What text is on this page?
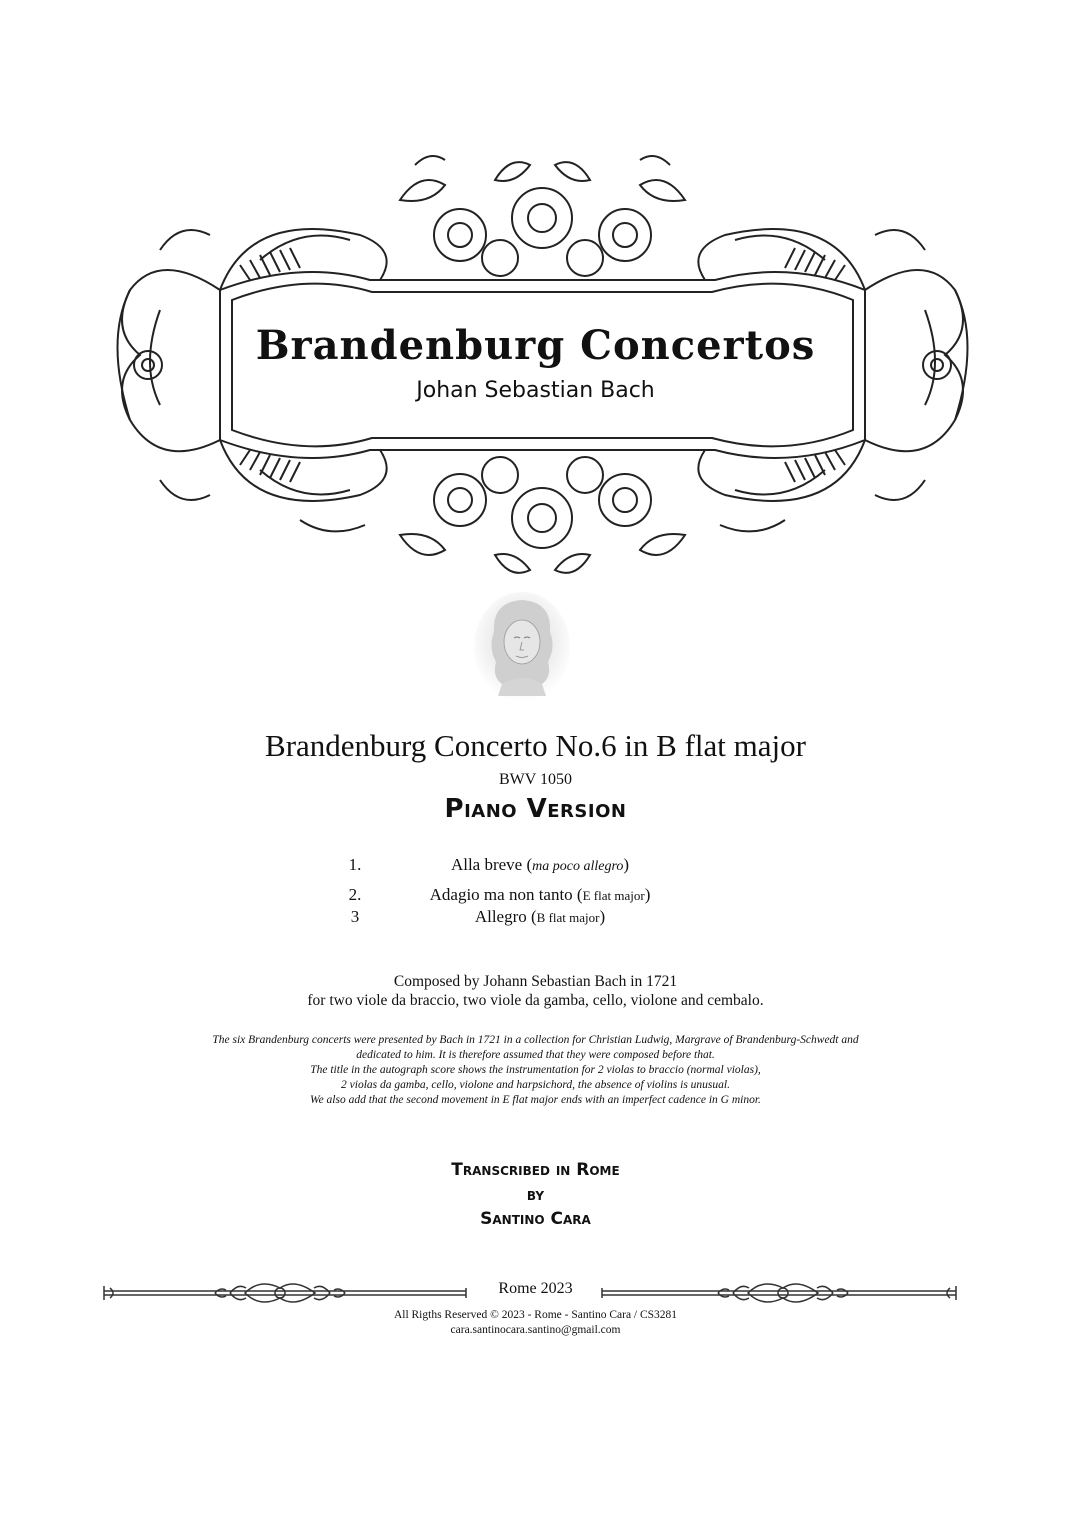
Brandenburg Concertos
Johan Sebastian Bach
Brandenburg Concerto No.6 in B flat major
BWV 1050
Piano Version
1.	Alla breve (ma poco allegro)
2.	Adagio ma non tanto (E flat major)
3	Allegro (B flat major)
Composed by Johann Sebastian Bach in 1721
for two viole da braccio, two viole da gamba, cello, violone and cembalo.
The six Brandenburg concerts were presented by Bach in 1721 in a collection for Christian Ludwig, Margrave of Brandenburg-Schwedt and
dedicated to him. It is therefore assumed that they were composed before that.
The title in the autograph score shows the instrumentation for 2 violas to braccio (normal violas),
2 violas da gamba, cello, violone and harpsichord, the absence of violins is unusual.
We also add that the second movement in E flat major ends with an imperfect cadence in G minor.
Transcribed in Rome
by
Santino Cara
Rome 2023
All Rigths Reserved © 2023 - Rome - Santino Cara / CS3281
cara.santinocara.santino@gmail.com
